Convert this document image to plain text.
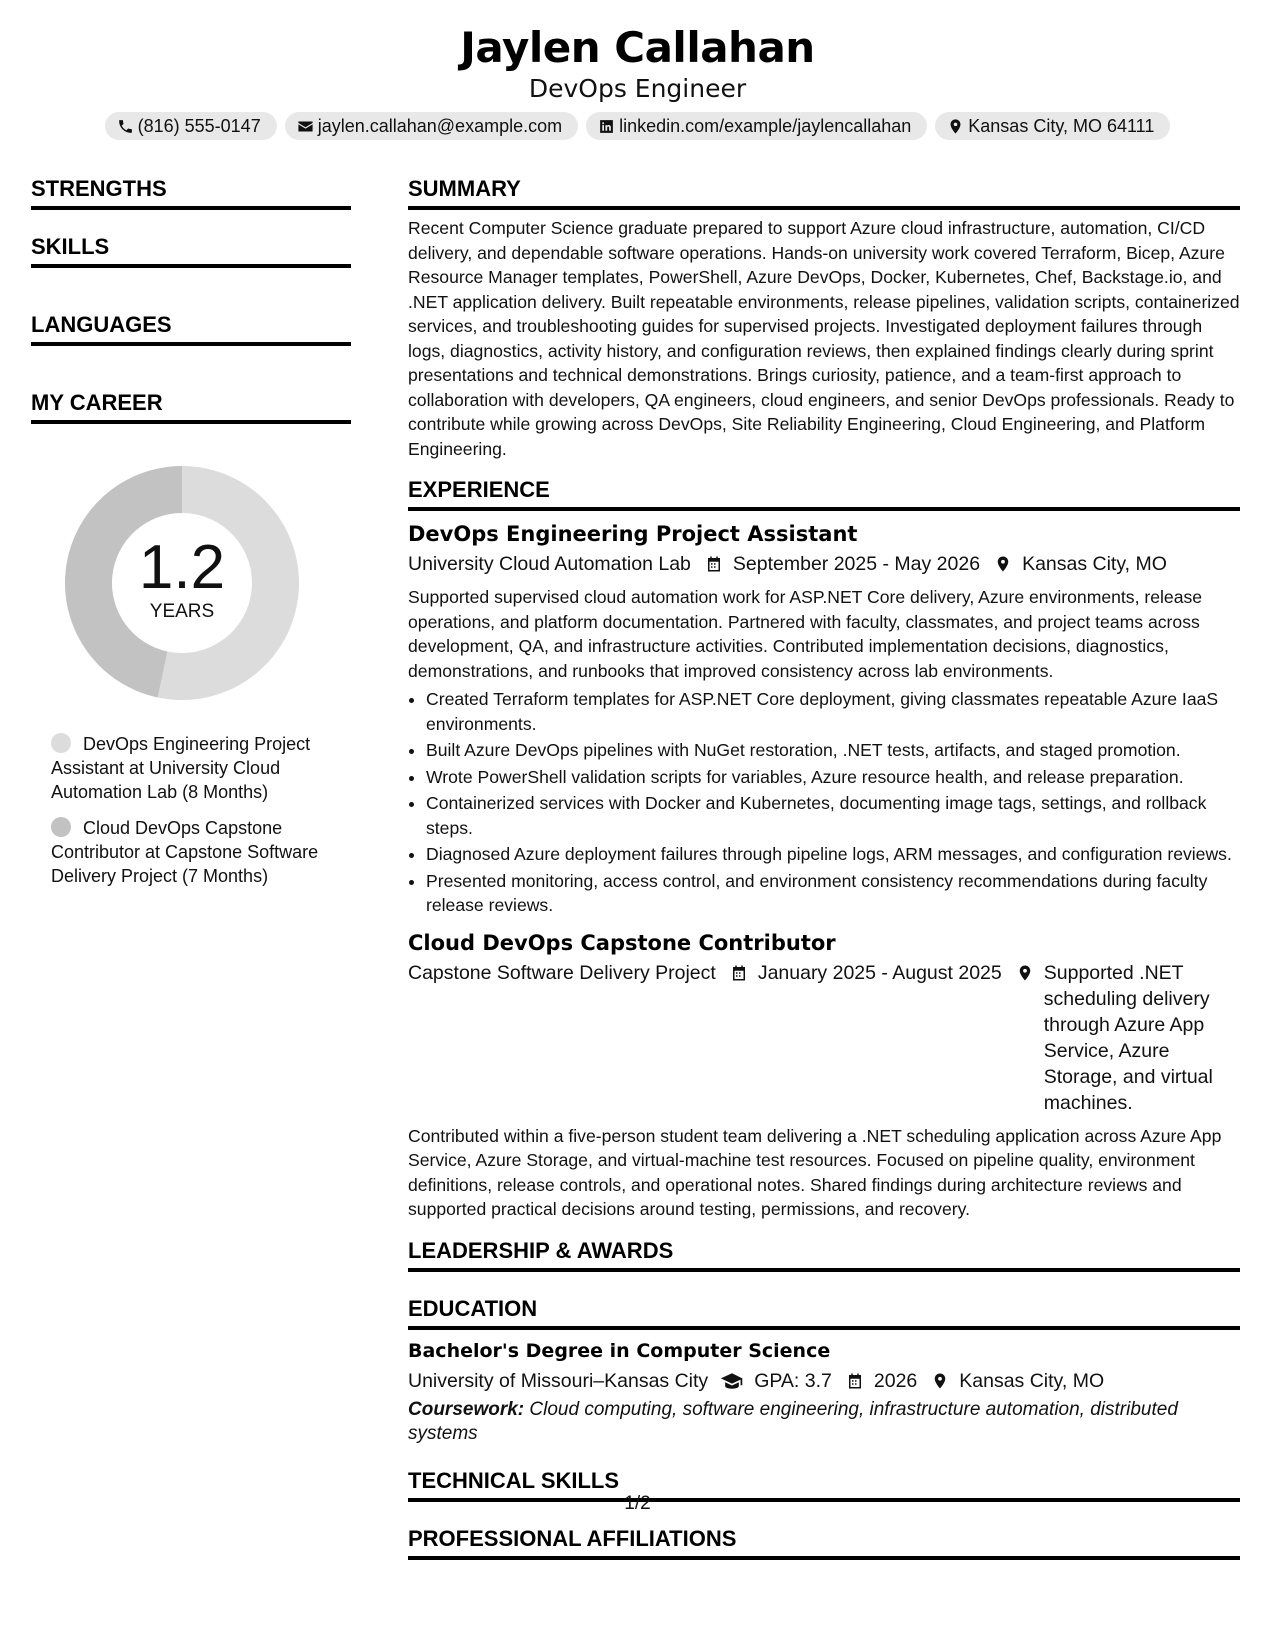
Jaylen Callahan
DevOps Engineer
(816) 555-0147	jaylen.callahan@example.com	linkedin.com/example/jaylencallahan	Kansas City, MO 64111
STRENGTHS
SKILLS
LANGUAGES
MY CAREER
1.2
YEARS
DevOps Engineering Project Assistant at University Cloud Automation Lab (8 Months)
Cloud DevOps Capstone Contributor at Capstone Software Delivery Project (7 Months)
SUMMARY

Recent Computer Science graduate prepared to support Azure cloud infrastructure, automation, CI/CD delivery, and dependable software operations. Hands-on university work covered Terraform, Bicep, Azure Resource Manager templates, PowerShell, Azure DevOps, Docker, Kubernetes, Chef, Backstage.io, and .NET application delivery. Built repeatable environments, release pipelines, validation scripts, containerized services, and troubleshooting guides for supervised projects. Investigated deployment failures through logs, diagnostics, activity history, and configuration reviews, then explained findings clearly during sprint presentations and technical demonstrations. Brings curiosity, patience, and a team-first approach to collaboration with developers, QA engineers, cloud engineers, and senior DevOps professionals. Ready to contribute while growing across DevOps, Site Reliability Engineering, Cloud Engineering, and Platform Engineering.

EXPERIENCE
DevOps Engineering Project Assistant
University Cloud Automation Lab September 2025 - May 2026 Kansas City, MO

Supported supervised cloud automation work for ASP.NET Core delivery, Azure environments, release operations, and platform documentation. Partnered with faculty, classmates, and project teams across development, QA, and infrastructure activities. Contributed implementation decisions, diagnostics, demonstrations, and runbooks that improved consistency across lab environments.

• Created Terraform templates for ASP.NET Core deployment, giving classmates repeatable Azure IaaS environments.
• Built Azure DevOps pipelines with NuGet restoration, .NET tests, artifacts, and staged promotion.
• Wrote PowerShell validation scripts for variables, Azure resource health, and release preparation.
• Containerized services with Docker and Kubernetes, documenting image tags, settings, and rollback steps.
• Diagnosed Azure deployment failures through pipeline logs, ARM messages, and configuration reviews.
• Presented monitoring, access control, and environment consistency recommendations during faculty release reviews.
Cloud DevOps Capstone Contributor
Capstone Software Delivery Project January 2025 - August 2025 Supported .NET scheduling delivery through Azure App Service, Azure Storage, and virtual machines.

Contributed within a five-person student team delivering a .NET scheduling application across Azure App Service, Azure Storage, and virtual-machine test resources. Focused on pipeline quality, environment definitions, release controls, and operational notes. Shared findings during architecture reviews and supported practical decisions around testing, permissions, and recovery.

LEADERSHIP & AWARDS
EDUCATION
Bachelor's Degree in Computer Science
University of Missouri–Kansas City GPA: 3.7 2026 Kansas City, MO

Coursework: Cloud computing, software engineering, infrastructure automation, distributed systems

TECHNICAL SKILLS
PROFESSIONAL AFFILIATIONS
1/2
